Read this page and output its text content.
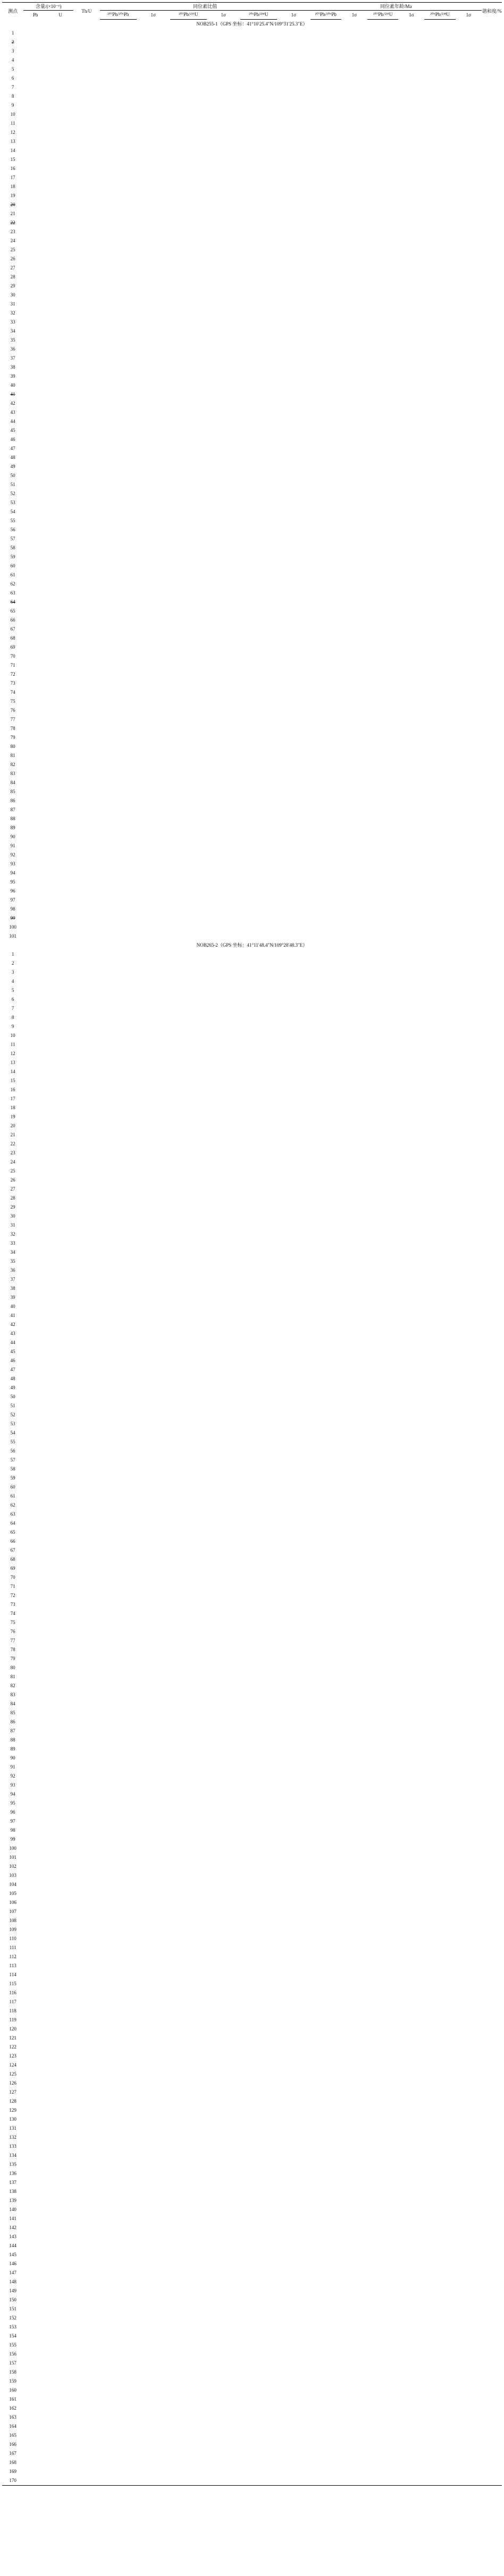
测点	含量/(×10⁻⁶)		Th/U	同位素比值						同位素年龄/Ma						谐和度/%
	Pb	U		²⁰⁷Pb/²⁰⁶Pb	1σ	²⁰⁷Pb/²³⁵U	1σ	²⁰⁶Pb/²³⁸U	1σ	²⁰⁷Pb/²⁰⁶Pb	1σ	²⁰⁷Pb/²³⁵U	1σ	²⁰⁶Pb/²³⁸U	1σ	

NOB255-1（GPS 坐标：41°10′25.4″N/109°31′25.3″E）																
1																
2																
3																
4																
5																
6																
7																
8																
9																
10																
11																
12																
13																
14																
15																
16																
17																
18																
19																
20																
21																
22																
23																
24																
25																
26																
27																
28																
29																
30																
31																
32																
33																
34																
35																
36																
37																
38																
39																
40																
41																
42																
43																
44																
45																
46																
47																
48																
49																
50																
51																
52																
53																
54																
55																
56																
57																
58																
59																
60																
61																
62																
63																
64																
65																
66																
67																
68																
69																
70																
71																
72																
73																
74																
75																
76																
77																
78																
79																
80																
81																
82																
83																
84																
85																
86																
87																
88																
89																
90																
91																
92																
93																
94																
95																
96																
97																
98																
99																
100																
101																
NOB265-2（GPS 坐标：41°11′48.4″N/109°28′48.3″E）																
1																
2																
3																
4																
5																
6																
7																
8																
9																
10																
11																
12																
13																
14																
15																
16																
17																
18																
19																
20																
21																
22																
23																
24																
25																
26																
27																
28																
29																
30																
31																
32																
33																
34																
35																
36																
37																
38																
39																
40																
41																
42																
43																
44																
45																
46																
47																
48																
49																
50																
51																
52																
53																
54																
55																
56																
57																
58																
59																
60																
61																
62																
63																
64																
65																
66																
67																
68																
69																
70																
71																
72																
73																
74																
75																
76																
77																
78																
79																
80																
81																
82																
83																
84																
85																
86																
87																
88																
89																
90																
91																
92																
93																
94																
95																
96																
97																
98																
99																
100																
101																
102																
103																
104																
105																
106																
107																
108																
109																
110																
111																
112																
113																
114																
115																
116																
117																
118																
119																
120																
121																
122																
123																
124																
125																
126																
127																
128																
129																
130																
131																
132																
133																
134																
135																
136																
137																
138																
139																
140																
141																
142																
143																
144																
145																
146																
147																
148																
149																
150																
151																
152																
153																
154																
155																
156																
157																
158																
159																
160																
161																
162																
163																
164																
165																
166																
167																
168																
169																
170																
